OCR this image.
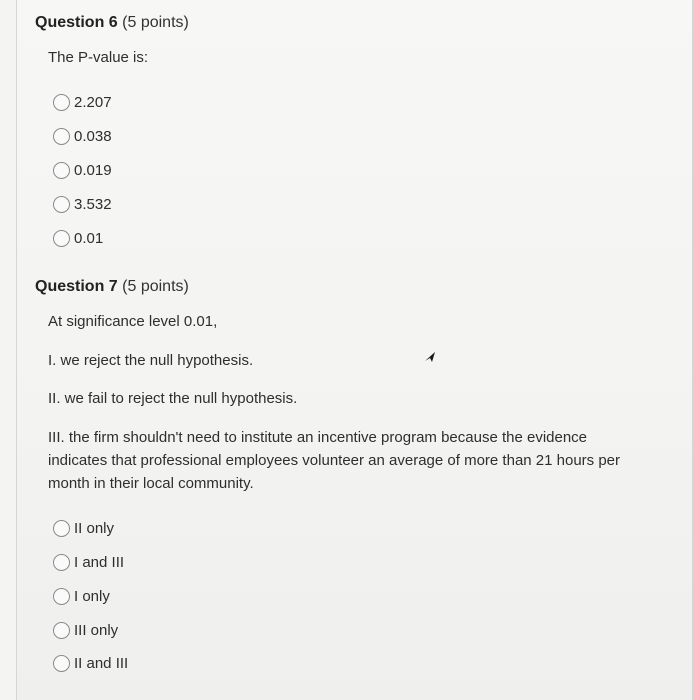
Question 6 (5 points)
The P-value is:
2.207
0.038
0.019
3.532
0.01
Question 7 (5 points)
At significance level 0.01,
I. we reject the null hypothesis.
II. we fail to reject the null hypothesis.
III. the firm shouldn't need to institute an incentive program because the evidence indicates that professional employees volunteer an average of more than 21 hours per month in their local community.
II only
I and III
I only
III only
II and III
